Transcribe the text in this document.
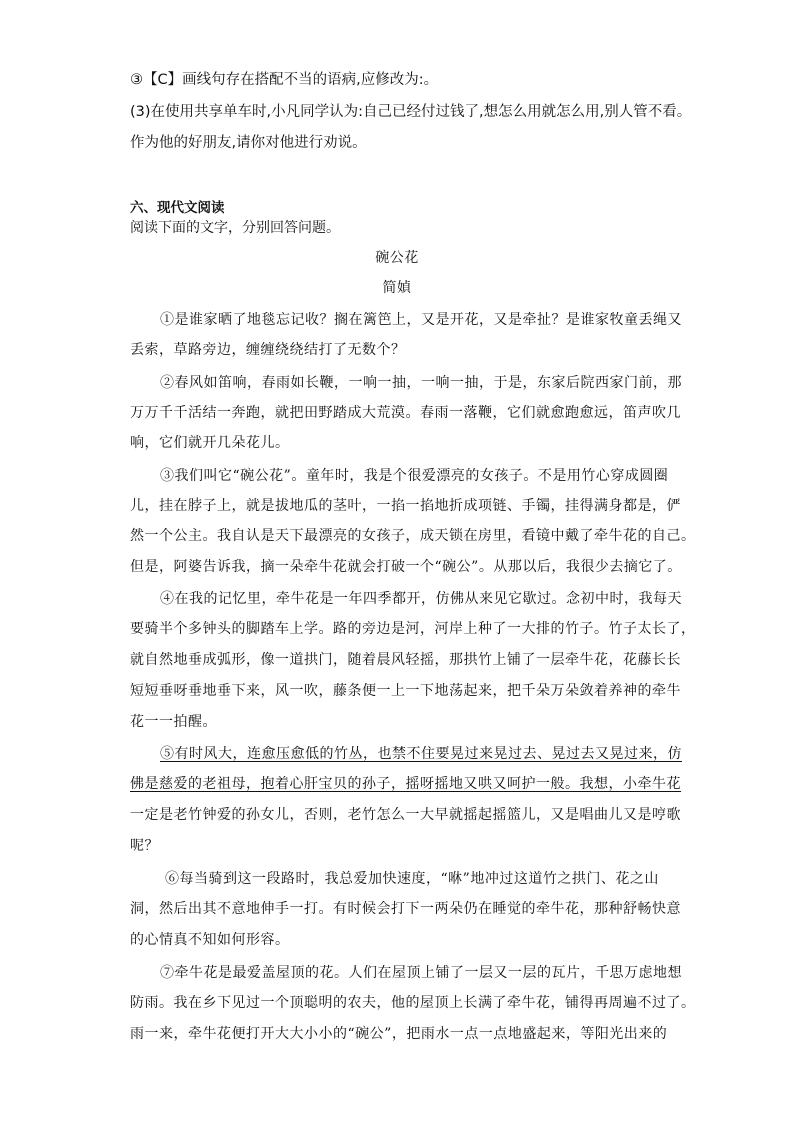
③【C】画线句存在搭配不当的语病,应修改为:。
(3)在使用共享单车时,小凡同学认为:自己已经付过钱了,想怎么用就怎么用,别人管不看。
作为他的好朋友,请你对他进行劝说。
六、现代文阅读
阅读下面的文字，分别回答问题。
碗公花
简媜
①是谁家晒了地毯忘记收？搁在篱笆上，又是开花，又是牵扯？是谁家牧童丢绳又
丢索，草路旁边，缠缠绕绕结打了无数个？
②春风如笛响，春雨如长鞭，一响一抽，一响一抽，于是，东家后院西家门前，那
万万千千活结一奔跑，就把田野踏成大荒漠。春雨一落鞭，它们就愈跑愈远，笛声吹几
响，它们就开几朵花儿。
③我们叫它“碗公花”。童年时，我是个很爱漂亮的女孩子。不是用竹心穿成圆圈
儿，挂在脖子上，就是拔地瓜的茎叶，一掐一掐地折成项链、手镯，挂得满身都是，俨
然一个公主。我自认是天下最漂亮的女孩子，成天锁在房里，看镜中戴了牵牛花的自己。
但是，阿婆告诉我，摘一朵牵牛花就会打破一个“碗公”。从那以后，我很少去摘它了。
④在我的记忆里，牵牛花是一年四季都开，仿佛从来见它歇过。念初中时，我每天
要骑半个多钟头的脚踏车上学。路的旁边是河，河岸上种了一大排的竹子。竹子太长了，
就自然地垂成弧形，像一道拱门，随着晨风轻摇，那拱竹上铺了一层牵牛花，花藤长长
短短垂呀垂地垂下来，风一吹，藤条便一上一下地荡起来，把千朵万朵敛着养神的牵牛
花一一拍醒。
⑤有时风大，连愈压愈低的竹丛，也禁不住要晃过来晃过去、晃过去又晃过来，仿
佛是慈爱的老祖母，抱着心肝宝贝的孙子，摇呀摇地又哄又呵护一般。我想，小牵牛花
一定是老竹钟爱的孙女儿，否则，老竹怎么一大早就摇起摇篮儿，又是唱曲儿又是哼歌
呢？
⑥每当骑到这一段路时，我总爱加快速度，“咻”地冲过这道竹之拱门、花之山
洞，然后出其不意地伸手一打。有时候会打下一两朵仍在睡觉的牵牛花，那种舒畅快意
的心情真不知如何形容。
⑦牵牛花是最爱盖屋顶的花。人们在屋顶上铺了一层又一层的瓦片，千思万虑地想
防雨。我在乡下见过一个顶聪明的农夫，他的屋顶上长满了牵牛花，铺得再周遍不过了。
雨一来，牵牛花便打开大大小小的“碗公”，把雨水一点一点地盛起来，等阳光出来的
